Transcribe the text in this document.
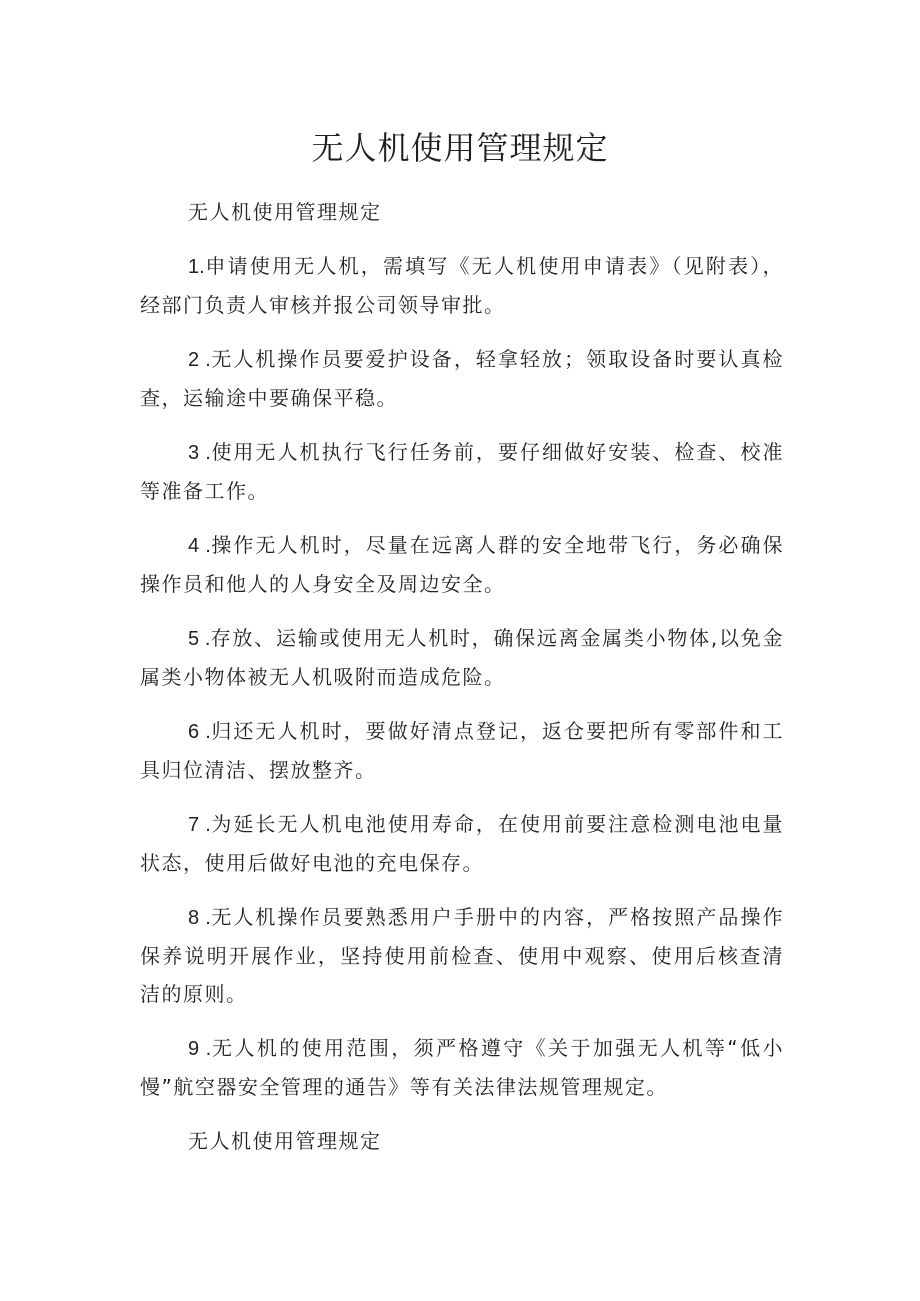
无人机使用管理规定

无人机使用管理规定

1.申请使用无人机，需填写《无人机使用申请表》（见附表），经部门负责人审核并报公司领导审批。

2 .无人机操作员要爱护设备，轻拿轻放；领取设备时要认真检查，运输途中要确保平稳。

3 .使用无人机执行飞行任务前，要仔细做好安装、检查、校准等准备工作。

4 .操作无人机时，尽量在远离人群的安全地带飞行，务必确保操作员和他人的人身安全及周边安全。

5 .存放、运输或使用无人机时，确保远离金属类小物体,以免金属类小物体被无人机吸附而造成危险。

6 .归还无人机时，要做好清点登记，返仓要把所有零部件和工具归位清洁、摆放整齐。

7 .为延长无人机电池使用寿命，在使用前要注意检测电池电量状态，使用后做好电池的充电保存。

8 .无人机操作员要熟悉用户手册中的内容，严格按照产品操作保养说明开展作业，坚持使用前检查、使用中观察、使用后核查清洁的原则。

9 .无人机的使用范围，须严格遵守《关于加强无人机等“低小慢”航空器安全管理的通告》等有关法律法规管理规定。

无人机使用管理规定
